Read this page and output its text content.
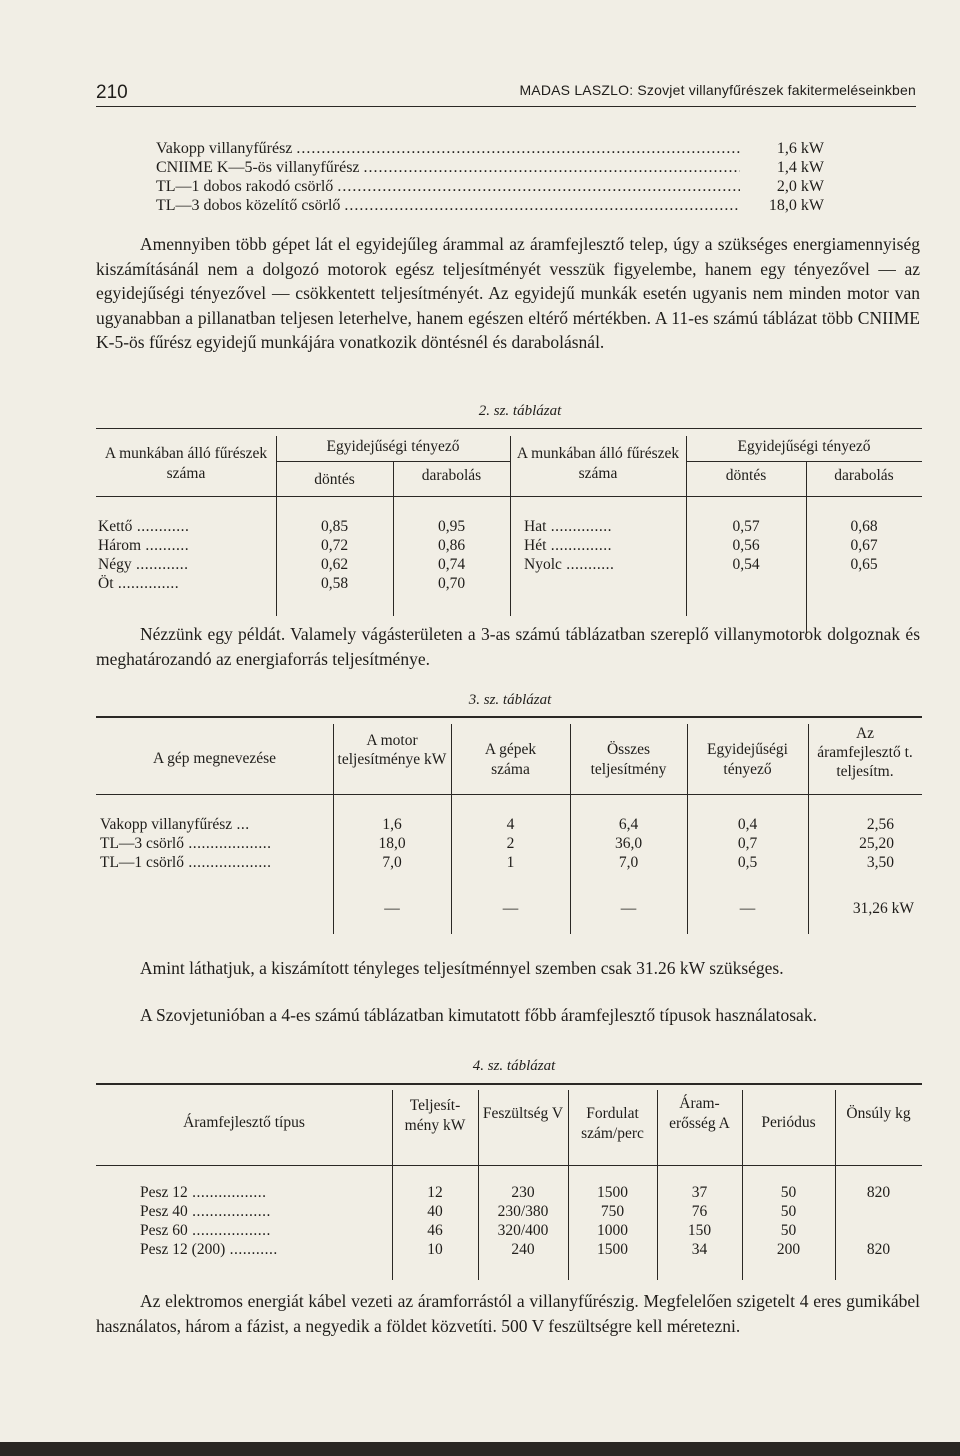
210	MADAS LASZLO: Szovjet villanyfűrészek fakitermeléseinkben
Vakopp villanyfűrész .....	1,6 kW
CNIIME K—5-ös villanyfűrész .....	1,4 kW
TL—1 dobos rakodó csörlő .....	2,0 kW
TL—3 dobos közelítő csörlő .....	18,0 kW
Amennyiben több gépet lát el egyidejűleg árammal az áramfejlesztő telep, úgy a szükséges energiamennyiség kiszámításánál nem a dolgozó motorok egész teljesítményét vesszük figyelembe, hanem egy tényezővel — az egyidejűségi tényezővel — csökkentett teljesítményét. Az egyidejű munkák esetén ugyanis nem minden motor van ugyanabban a pillanatban teljesen leterhelve, hanem egészen eltérő mértékben. A 11-es számú táblázat több CNIIME K-5-ös fűrész egyidejű munkájára vonatkozik döntésnél és darabolásnál.
2. sz. táblázat
A munkában álló fűrészek száma
Egyidejűségi tényező
döntés	darabolás
A munkában álló fűrészek száma
Egyidejűségi tényező
döntés	darabolás
Kettő ............	0,85	0,95
Három ..........	0,72	0,86
Négy ............	0,62	0,74
Öt ..............	0,58	0,70
Hat ..............	0,57	0,68
Hét ..............	0,56	0,67
Nyolc ...........	0,54	0,65
Nézzünk egy példát. Valamely vágásterületen a 3-as számú táblázatban szereplő villanymotorok dolgoznak és meghatározandó az energiaforrás teljesítménye.
3. sz. táblázat
A gép megnevezése
A motor teljesítménye kW
A gépek száma
Összes teljesítmény
Egyidejűségi tényező
Az áramfejlesztő t. teljesítm.
Vakopp villanyfűrész ...	1,6	4	6,4	0,4	2,56
TL—3 csörlő ...................	18,0	2	36,0	0,7	25,20
TL—1 csörlő ...................	7,0	1	7,0	0,5	3,50
—	—	—	—	31,26 kW
Amint láthatjuk, a kiszámított tényleges teljesítménnyel szemben csak 31.26 kW szükséges.
A Szovjetunióban a 4-es számú táblázatban kimutatott főbb áramfejlesztő típusok használatosak.
4. sz. táblázat
Áramfejlesztő típus
Teljesít- mény kW
Feszültség V	Fordulat szám/perc
Áram- erősség A	Periódus
Önsúly kg
Pesz 12 .................	12	230	1500	37	50	820
Pesz 40 ..................	40	230/380	750	76	50
Pesz 60 ..................	46	320/400	1000	150	50
Pesz 12 (200) ...........	10	240	1500	34	200	820
Az elektromos energiát kábel vezeti az áramforrástól a villanyfűrészig. Megfelelően szigetelt 4 eres gumikábel használatos, három a fázist, a negyedik a földet közvetíti. 500 V feszültségre kell méretezni.
